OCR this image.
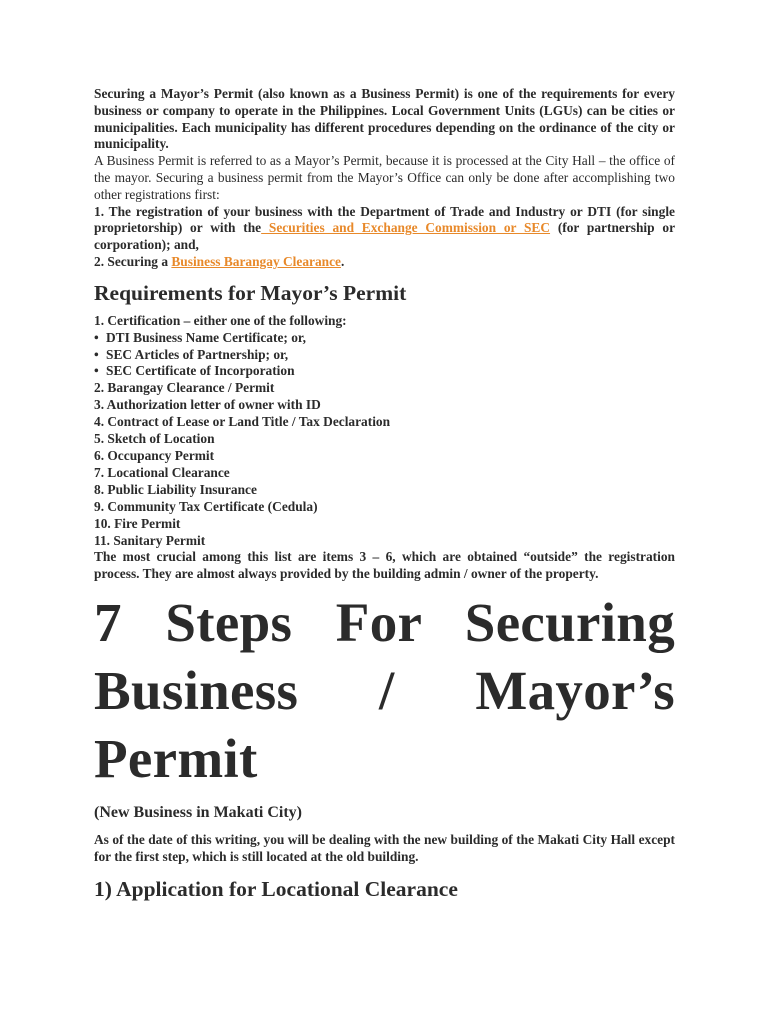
Securing a Mayor’s Permit (also known as a Business Permit) is one of the requirements for every business or company to operate in the Philippines. Local Government Units (LGUs) can be cities or municipalities. Each municipality has different procedures depending on the ordinance of the city or municipality.

A Business Permit is referred to as a Mayor’s Permit, because it is processed at the City Hall – the office of the mayor. Securing a business permit from the Mayor’s Office can only be done after accomplishing two other registrations first:

1. The registration of your business with the Department of Trade and Industry or DTI (for single proprietorship) or with the Securities and Exchange Commission or SEC (for partnership or corporation); and,

2. Securing a Business Barangay Clearance.

Requirements for Mayor’s Permit
1. Certification – either one of the following:
• DTI Business Name Certificate; or,
• SEC Articles of Partnership; or,
• SEC Certificate of Incorporation
2. Barangay Clearance / Permit
3. Authorization letter of owner with ID
4. Contract of Lease or Land Title / Tax Declaration
5. Sketch of Location
6. Occupancy Permit
7. Locational Clearance
8. Public Liability Insurance
9. Community Tax Certificate (Cedula)
10. Fire Permit
11. Sanitary Permit

The most crucial among this list are items 3 – 6, which are obtained “outside” the registration process. They are almost always provided by the building admin / owner of the property.

7 Steps For Securing Business / Mayor’s Permit
(New Business in Makati City)

As of the date of this writing, you will be dealing with the new building of the Makati City Hall except for the first step, which is still located at the old building.

1) Application for Locational Clearance
